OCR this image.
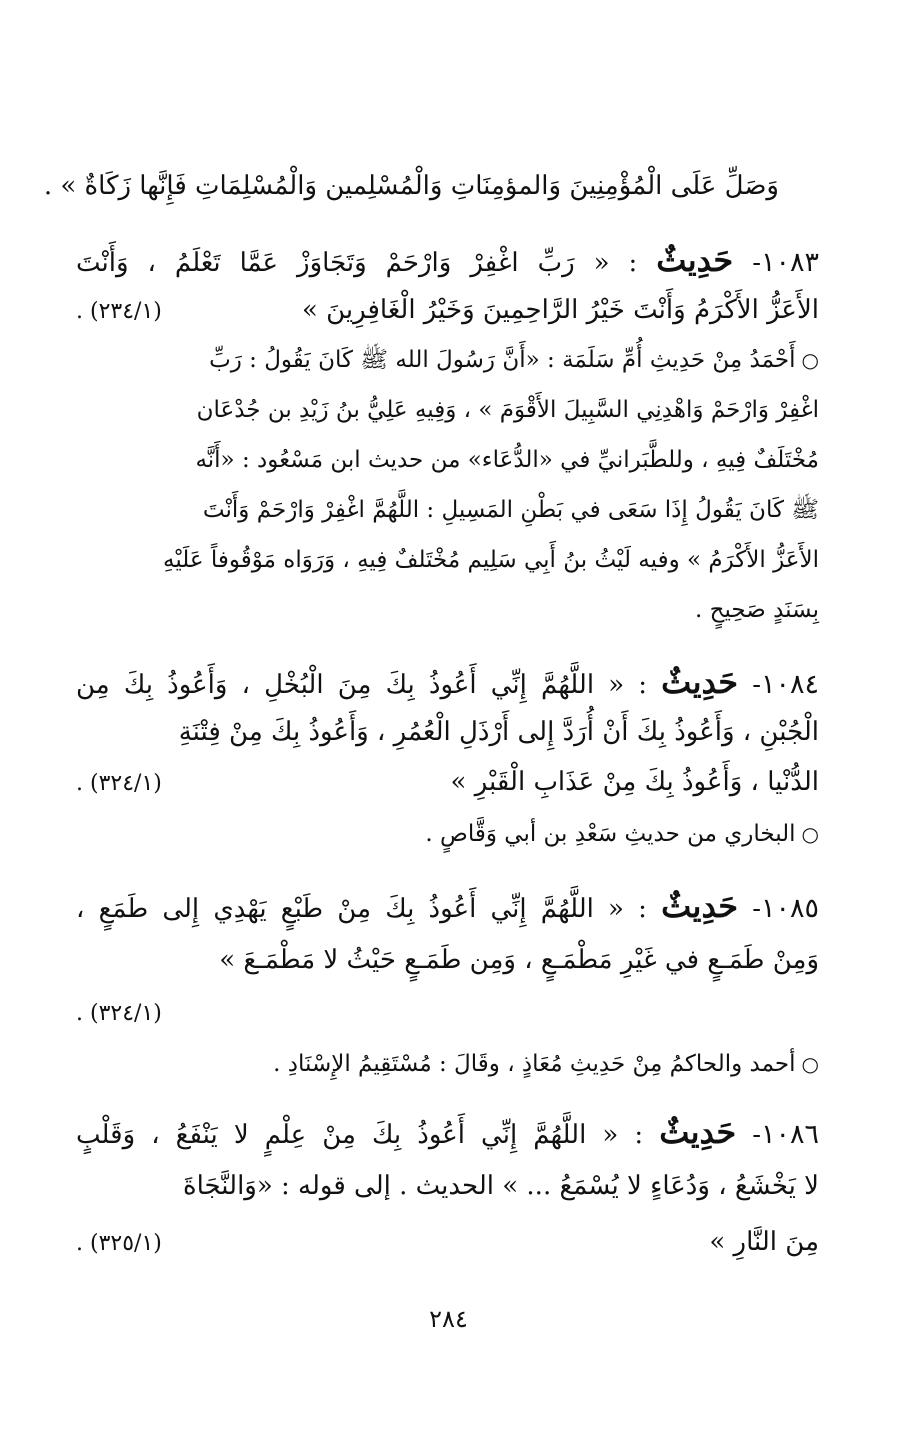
وَصَلِّ عَلَى الْمُؤْمِنِينَ وَالمؤمِنَاتِ وَالْمُسْلِمين وَالْمُسْلِمَاتِ فَإِنَّها زَكَاةٌ » .
١٠٨٣- حَدِيثٌ : « رَبِّ اغْفِرْ وَارْحَمْ وَتَجَاوَزْ عَمَّا تَعْلَمُ ، وَأَنْتَ
الأَعَزُّ الأَكْرَمُ وَأَنْتَ خَيْرُ الرَّاحِمِينَ وَخَيْرُ الْغَافِرِينَ »
. (٢٣٤/١)
○أَحْمَدُ مِنْ حَدِيثِ أُمِّ سَلَمَة : «أَنَّ رَسُولَ الله ﷺ كَانَ يَقُولُ : رَبِّ
اغْفِرْ وَارْحَمْ وَاهْدِنِي السَّبِيلَ الأَقْوَمَ » ، وَفِيهِ عَلِيُّ بنُ زَيْدِ بن جُدْعَان
مُخْتَلَفٌ فِيهِ ، وللطَّبَرانيِّ في «الدُّعَاء» من حديث ابن مَسْعُود : «أَنَّه
ﷺ كَانَ يَقُولُ إِذَا سَعَى في بَطْنِ المَسِيلِ : اللَّهُمَّ اغْفِرْ وَارْحَمْ وَأَنْتَ
الأَعَزُّ الأَكْرَمُ » وفيه لَيْثُ بنُ أَبِي سَلِيم مُخْتَلفٌ فِيهِ ، وَرَوَاه مَوْقُوفاً عَلَيْهِ
بِسَنَدٍ صَحِيحٍ .
١٠٨٤- حَدِيثٌ : « اللَّهُمَّ إِنِّي أَعُوذُ بِكَ مِنَ الْبُخْلِ ، وَأَعُوذُ بِكَ مِن
الْجُبْنِ ، وَأَعُوذُ بِكَ أَنْ أُرَدَّ إِلى أَرْذَلِ الْعُمُرِ ، وَأَعُوذُ بِكَ مِنْ فِتْنَةِ
الدُّنْيا ، وَأَعُوذُ بِكَ مِنْ عَذَابِ الْقَبْرِ »
. (٣٢٤/١)
○البخاري من حديثِ سَعْدِ بن أبي وَقَّاصٍ .
١٠٨٥- حَدِيثٌ : « اللَّهُمَّ إِنِّي أَعُوذُ بِكَ مِنْ طَبْعٍ يَهْدِي إِلى طَمَعٍ ،
وَمِنْ طَمَـعٍ في غَيْرِ مَطْمَـعٍ ، وَمِن طَمَـعٍ حَيْثُ لا مَطْمَـعَ »
. (٣٢٤/١)
○أحمد والحاكمُ مِنْ حَدِيثِ مُعَاذٍ ، وقَالَ : مُسْتَقِيمُ الإِسْنَادِ .
١٠٨٦- حَدِيثٌ : « اللَّهُمَّ إِنِّي أَعُوذُ بِكَ مِنْ عِلْمٍ لا يَنْفَعُ ، وَقَلْبٍ
لا يَخْشَعُ ، وَدُعَاءٍ لا يُسْمَعُ ... » الحديث . إلى قوله : «وَالنَّجَاةَ
مِنَ النَّارِ »
. (٣٢٥/١)
٢٨٤
